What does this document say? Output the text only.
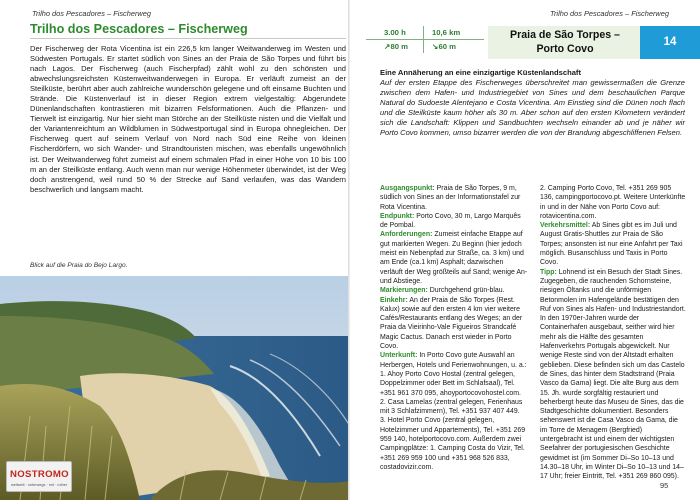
Trilho dos Pescadores – Fischerweg
Trilho dos Pescadores – Fischerweg
Der Fischerweg der Rota Vicentina ist ein 226,5 km langer Weitwanderweg im Westen und Südwesten Portugals. Er startet südlich von Sines an der Praia de São Torpes und führt bis nach Lagos. Der Fischerweg (auch Fischerpfad) zählt wohl zu den schönsten und abwechslungsreichsten Küstenweitwanderwegen in Europa. Er verläuft zumeist an der Steilküste, berührt aber auch zahlreiche wunderschön gelegene und oft einsame Buchten und Strände. Die Küstenverlauf ist in dieser Region extrem vielgestaltig: Abgerundete Dünenlandschaften kontrastieren mit bizarren Felsformationen. Auch die Pflanzen- und Tierwelt ist einzigartig. Nur hier sieht man Störche an der Steilküste nisten und die Vielfalt und der Variantenreichtum an Wildblumen in Südwestportugal sind in Europa ohnegleichen. Der Fischerweg quert auf seinem Verlauf von Nord nach Süd eine Reihe von kleinen Fischerdörfern, wo sich Wander- und Strandtouristen mischen, was ebenfalls ungewöhnlich ist. Der Weitwanderweg führt zumeist auf einem schmalen Pfad in einer Höhe von 10 bis 100 m an der Steilküste entlang. Auch wenn man nur wenige Höhenmeter überwindet, ist der Weg doch anstrengend, weil rund 50 % der Strecke auf Sand verlaufen, was das Wandern beschwerlich und langsam macht.
Blick auf die Praia do Bejo Largo.
NOSTROMO
weltweit · unterwegs · mit · rother
Trilho dos Pescadores – Fischerweg
3.00 h	10,6 km
↗80 m	↘60 m
Praia de São Torpes –
Porto Covo
14
Eine Annäherung an eine einzigartige Küstenlandschaft
Auf der ersten Etappe des Fischerweges überschreitet man gewissermaßen die Grenze zwischen dem Hafen- und Industriegebiet von Sines und dem beschaulichen Parque Natural do Sudoeste Alentejano e Costa Vicentina. Am Einstieg sind die Dünen noch flach und die Steilküste kaum höher als 30 m. Aber schon auf den ersten Kilometern verändert sich die Landschaft: Klippen und Sandbuchten wechseln einander ab und je näher wir Porto Covo kommen, umso bizarrer werden die von der Brandung abgeschliffenen Felsen.

Ausgangspunkt: Praia de São Torpes, 9 m, südlich von Sines an der Informationstafel zur Rota Vicentina.

Endpunkt: Porto Covo, 30 m, Largo Marquês de Pombal.

Anforderungen: Zumeist einfache Etappe auf gut markierten Wegen. Zu Beginn (hier jedoch meist ein Nebenpfad zur Straße, ca. 3 km) und am Ende (ca.1 km) Asphalt; dazwischen verläuft der Weg größteils auf Sand; wenige An- und Abstiege.

Markierungen: Durchgehend grün-blau.

Einkehr: An der Praia de São Torpes (Rest. Kalux) sowie auf den ersten 4 km vier weitere Cafés/Restaurants entlang des Weges; an der Praia da Vieirinho-Vale Figueiros Strandcafé Magic Cactus. Danach erst wieder in Porto Covo.

Unterkunft: In Porto Covo gute Auswahl an Herbergen, Hotels und Ferienwohnungen, u. a.:

1. Ahoy Porto Covo Hostal (zentral gelegen, Doppelzimmer oder Bett im Schlafsaal), Tel. +351 961 370 095, ahoyportocovohostel.com.

2. Casa Lamelas (zentral gelegen, Ferienhaus mit 3 Schlafzimmern), Tel. +351 937 407 449.

3. Hotel Porto Covo (zentral gelegen, Hotelzimmer und Appartements), Tel. +351 269 959 140, hotelportocovo.com. Außerdem zwei Campingplätze: 1. Camping Costa do Vizir, Tel. +351 269 959 100 und +351 968 526 833, costadovizir.com.

2. Camping Porto Covo, Tel. +351 269 905 136, campingportocovo.pt. Weitere Unterkünfte in und in der Nähe von Porto Covo auf: rotavicentina.com.

Verkehrsmittel: Ab Sines gibt es im Juli und August Gratis-Shuttles zur Praia de São Torpes; ansonsten ist nur eine Anfahrt per Taxi möglich. Busanschluss und Taxis in Porto Covo.

Tipp: Lohnend ist ein Besuch der Stadt Sines. Zugegeben, die rauchenden Schornsteine, riesigen Öltanks und die unförmigen Betonmolen im Hafengelände bestätigen den Ruf von Sines als Hafen- und Industriestandort. In den 1970er-Jahren wurde der Containerhafen ausgebaut, seither wird hier mehr als die Hälfte des gesamten Hafenverkehrs Portugals abgewickelt. Nur wenige Reste sind von der Altstadt erhalten geblieben. Diese befinden sich um das Castelo de Sines, das hinter dem Stadtstrand (Praia Vasco da Gama) liegt. Die alte Burg aus dem 15. Jh. wurde sorgfältig restauriert und beherbergt heute das Museu de Sines, das die Stadtgeschichte dokumentiert. Besonders sehenswert ist die Casa Vasco da Gama, die im Torre de Menagem (Bergfried) untergebracht ist und einem der wichtigsten Seefahrer der portugiesischen Geschichte gewidmet ist (im Sommer Di–So 10–13 und 14.30–18 Uhr, im Winter Di–So 10–13 und 14–17 Uhr; freier Eintritt, Tel. +351 269 860 095).

95
